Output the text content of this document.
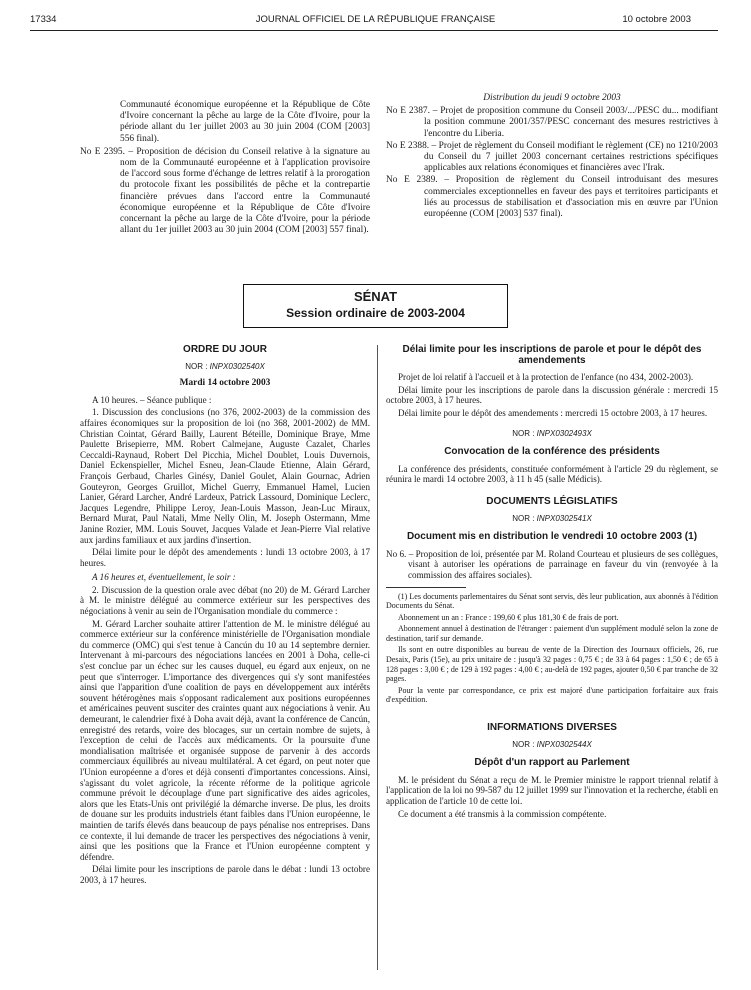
17334	JOURNAL OFFICIEL DE LA RÉPUBLIQUE FRANÇAISE	10 octobre 2003

Communauté économique européenne et la République de Côte d'Ivoire concernant la pêche au large de la Côte d'Ivoire, pour la période allant du 1er juillet 2003 au 30 juin 2004 (COM [2003] 556 final).

No E 2395. – Proposition de décision du Conseil relative à la signature au nom de la Communauté européenne et à l'application provisoire de l'accord sous forme d'échange de lettres relatif à la prorogation du protocole fixant les possibilités de pêche et la contrepartie financière prévues dans l'accord entre la Communauté économique européenne et la République de Côte d'Ivoire concernant la pêche au large de la Côte d'Ivoire, pour la période allant du 1er juillet 2003 au 30 juin 2004 (COM [2003] 557 final).

Distribution du jeudi 9 octobre 2003

No E 2387. – Projet de proposition commune du Conseil 2003/.../PESC du... modifiant la position commune 2001/357/PESC concernant des mesures restrictives à l'encontre du Liberia.

No E 2388. – Projet de règlement du Conseil modifiant le règlement (CE) no 1210/2003 du Conseil du 7 juillet 2003 concernant certaines restrictions spécifiques applicables aux relations économiques et financières avec l'Irak.

No E 2389. – Proposition de règlement du Conseil introduisant des mesures commerciales exceptionnelles en faveur des pays et territoires participants et liés au processus de stabilisation et d'association mis en œuvre par l'Union européenne (COM [2003] 537 final).

SÉNAT
Session ordinaire de 2003-2004
ORDRE DU JOUR
NOR : INPX0302540X
Mardi 14 octobre 2003

A 10 heures. – Séance publique :

1. Discussion des conclusions (no 376, 2002-2003) de la commission des affaires économiques sur la proposition de loi (no 368, 2001-2002) de MM. Christian Cointat, Gérard Bailly, Laurent Béteille, Dominique Braye, Mme Paulette Brisepierre, MM. Robert Calmejane, Auguste Cazalet, Charles Ceccaldi-Raynaud, Robert Del Picchia, Michel Doublet, Louis Duvernois, Daniel Eckenspieller, Michel Esneu, Jean-Claude Etienne, Alain Gérard, François Gerbaud, Charles Ginésy, Daniel Goulet, Alain Gournac, Adrien Gouteyron, Georges Gruillot, Michel Guerry, Emmanuel Hamel, Lucien Lanier, Gérard Larcher, André Lardeux, Patrick Lassourd, Dominique Leclerc, Jacques Legendre, Philippe Leroy, Jean-Louis Masson, Jean-Luc Miraux, Bernard Murat, Paul Natali, Mme Nelly Olin, M. Joseph Ostermann, Mme Janine Rozier, MM. Louis Souvet, Jacques Valade et Jean-Pierre Vial relative aux jardins familiaux et aux jardins d'insertion.

Délai limite pour le dépôt des amendements : lundi 13 octobre 2003, à 17 heures.

A 16 heures et, éventuellement, le soir :

2. Discussion de la question orale avec débat (no 20) de M. Gérard Larcher à M. le ministre délégué au commerce extérieur sur les perspectives des négociations à venir au sein de l'Organisation mondiale du commerce :

M. Gérard Larcher souhaite attirer l'attention de M. le ministre délégué au commerce extérieur sur la conférence ministérielle de l'Organisation mondiale du commerce (OMC) qui s'est tenue à Cancún du 10 au 14 septembre dernier. Intervenant à mi-parcours des négociations lancées en 2001 à Doha, celle-ci s'est conclue par un échec sur les causes duquel, eu égard aux enjeux, on ne peut que s'interroger. L'importance des divergences qui s'y sont manifestées ainsi que l'apparition d'une coalition de pays en développement aux intérêts souvent hétérogènes mais s'opposant radicalement aux positions européennes et américaines peuvent susciter des craintes quant aux négociations à venir. Au demeurant, le calendrier fixé à Doha avait déjà, avant la conférence de Cancún, enregistré des retards, voire des blocages, sur un certain nombre de sujets, à l'exception de celui de l'accès aux médicaments. Or la poursuite d'une mondialisation maîtrisée et organisée suppose de parvenir à des accords commerciaux équilibrés au niveau multilatéral. A cet égard, on peut noter que l'Union européenne a d'ores et déjà consenti d'importantes concessions. Ainsi, s'agissant du volet agricole, la récente réforme de la politique agricole commune prévoit le découplage d'une part significative des aides agricoles, alors que les Etats-Unis ont privilégié la démarche inverse. De plus, les droits de douane sur les produits industriels étant faibles dans l'Union européenne, le maintien de tarifs élevés dans beaucoup de pays pénalise nos entreprises. Dans ce contexte, il lui demande de tracer les perspectives des négociations à venir, ainsi que les positions que la France et l'Union européenne comptent y défendre.

Délai limite pour les inscriptions de parole dans le débat : lundi 13 octobre 2003, à 17 heures.

Délai limite pour les inscriptions de parole et pour le dépôt des amendements

Projet de loi relatif à l'accueil et à la protection de l'enfance (no 434, 2002-2003).

Délai limite pour les inscriptions de parole dans la discussion générale : mercredi 15 octobre 2003, à 17 heures.

Délai limite pour le dépôt des amendements : mercredi 15 octobre 2003, à 17 heures.

NOR : INPX0302493X
Convocation de la conférence des présidents

La conférence des présidents, constituée conformément à l'article 29 du règlement, se réunira le mardi 14 octobre 2003, à 11 h 45 (salle Médicis).

DOCUMENTS LÉGISLATIFS
NOR : INPX0302541X
Document mis en distribution le vendredi 10 octobre 2003 (1)

No 6. – Proposition de loi, présentée par M. Roland Courteau et plusieurs de ses collègues, visant à autoriser les opérations de parrainage en faveur du vin (renvoyée à la commission des affaires sociales).

(1) Les documents parlementaires du Sénat sont servis, dès leur publication, aux abonnés à l'édition Documents du Sénat.

Abonnement un an : France : 199,60 € plus 181,30 € de frais de port.

Abonnement annuel à destination de l'étranger : paiement d'un supplément modulé selon la zone de destination, tarif sur demande.

Ils sont en outre disponibles au bureau de vente de la Direction des Journaux officiels, 26, rue Desaix, Paris (15e), au prix unitaire de : jusqu'à 32 pages : 0,75 € ; de 33 à 64 pages : 1,50 € ; de 65 à 128 pages : 3,00 € ; de 129 à 192 pages : 4,00 € ; au-delà de 192 pages, ajouter 0,50 € par tranche de 32 pages.

Pour la vente par correspondance, ce prix est majoré d'une participation forfaitaire aux frais d'expédition.

INFORMATIONS DIVERSES
NOR : INPX0302544X
Dépôt d'un rapport au Parlement

M. le président du Sénat a reçu de M. le Premier ministre le rapport triennal relatif à l'application de la loi no 99-587 du 12 juillet 1999 sur l'innovation et la recherche, établi en application de l'article 10 de cette loi.

Ce document a été transmis à la commission compétente.
